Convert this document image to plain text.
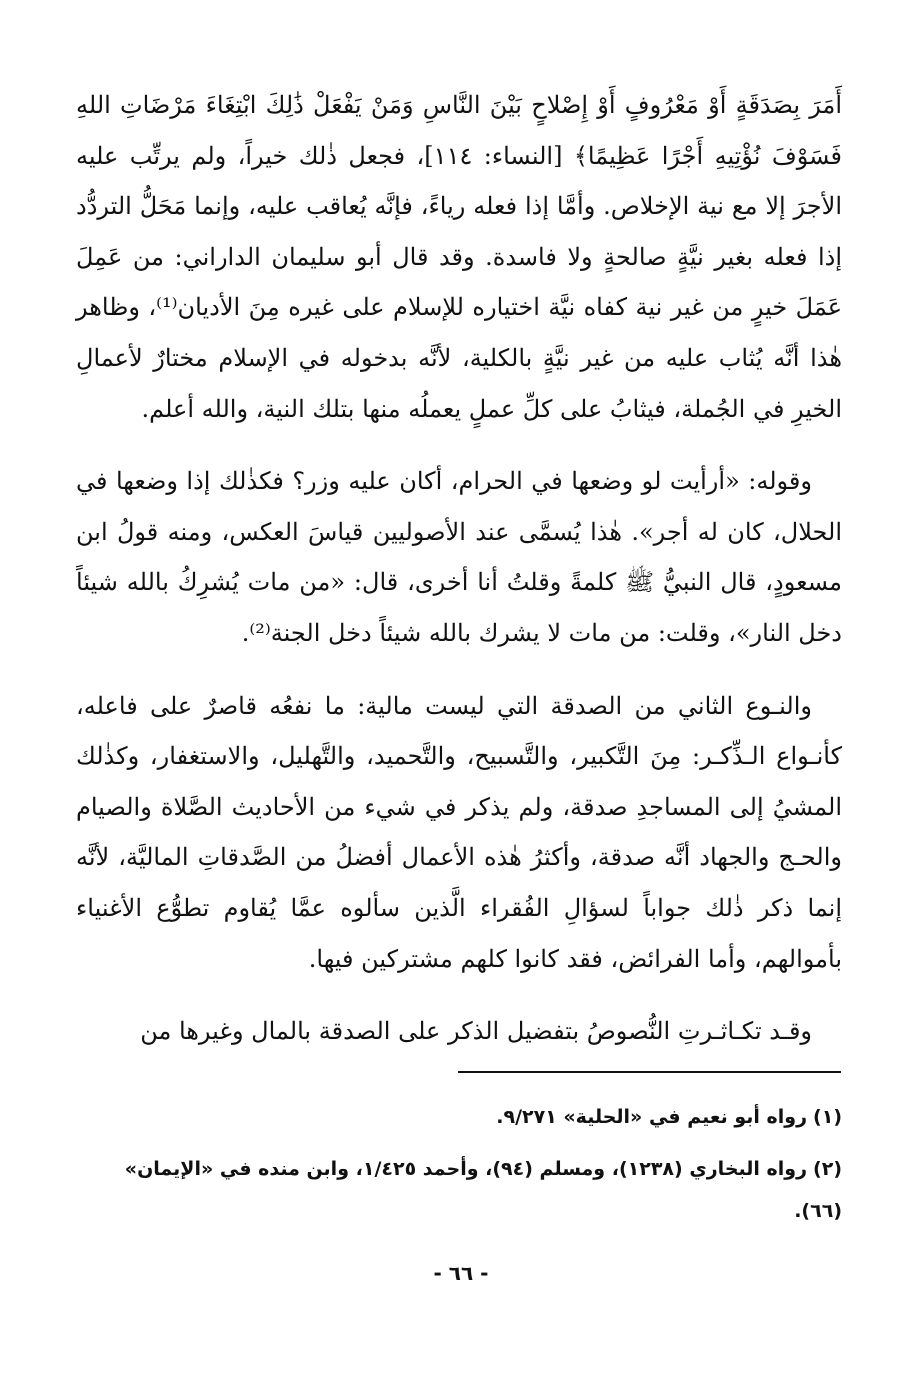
أَمَرَ بِصَدَقَةٍ أَوْ مَعْرُوفٍ أَوْ إِصْلاحٍ بَيْنَ النَّاسِ وَمَنْ يَفْعَلْ ذَٰلِكَ ابْتِغَاءَ مَرْضَاتِ اللهِ فَسَوْفَ نُؤْتِيهِ أَجْرًا عَظِيمًا﴾ [النساء: ١١٤]، فجعل ذٰلك خيراً، ولم يرتِّب عليه الأجرَ إلا مع نية الإخلاص. وأمَّا إذا فعله رياءً، فإنَّه يُعاقب عليه، وإنما مَحَلُّ التردُّد إذا فعله بغير نيَّةٍ صالحةٍ ولا فاسدة. وقد قال أبو سليمان الداراني: من عَمِلَ عَمَلَ خيرٍ من غير نية كفاه نيَّة اختياره للإسلام على غيره مِنَ الأديان⁽¹⁾، وظاهر هٰذا أنَّه يُثاب عليه من غير نيَّةٍ بالكلية، لأنَّه بدخوله في الإسلام مختارٌ لأعمالِ الخيرِ في الجُملة، فيثابُ على كلِّ عملٍ يعملُه منها بتلك النية، والله أعلم.

وقوله: «أرأيت لو وضعها في الحرام، أكان عليه وزر؟ فكذٰلك إذا وضعها في الحلال، كان له أجر». هٰذا يُسمَّى عند الأصوليين قياسَ العكس، ومنه قولُ ابن مسعودٍ، قال النبيُّ ﷺ كلمةً وقلتُ أنا أخرى، قال: «من مات يُشرِكُ بالله شيئاً دخل النار»، وقلت: من مات لا يشرك بالله شيئاً دخل الجنة⁽²⁾.

والنـوع الثاني من الصدقة التي ليست مالية: ما نفعُه قاصرٌ على فاعله، كأنـواع الـذِّكـر: مِنَ التَّكبير، والتَّسبيح، والتَّحميد، والتَّهليل، والاستغفار، وكذٰلك المشيُ إلى المساجدِ صدقة، ولم يذكر في شيء من الأحاديث الصَّلاة والصيام والحـج والجهاد أنَّه صدقة، وأكثرُ هٰذه الأعمال أفضلُ من الصَّدقاتِ الماليَّة، لأنَّه إنما ذكر ذٰلك جواباً لسؤالِ الفُقراء الَّذين سألوه عمَّا يُقاوم تطوُّع الأغنياء بأموالهم، وأما الفرائض، فقد كانوا كلهم مشتركين فيها.

وقـد تكـاثـرتِ النُّصوصُ بتفضيل الذكر على الصدقة بالمال وغيرها من

(١)رواه أبو نعيم في «الحلية» ٩/٢٧١.

(٢)رواه البخاري (١٢٣٨)، ومسلم (٩٤)، وأحمد ١/٤٢٥، وابن منده في «الإيمان» (٦٦).

- ٦٦ -
